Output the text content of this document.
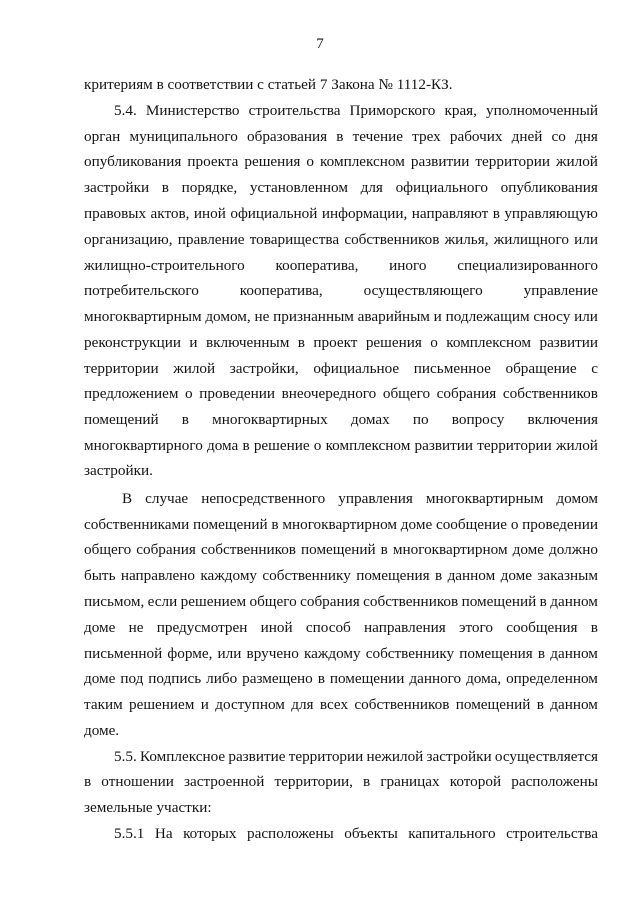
7
критериям в соответствии с статьей 7 Закона № 1112-КЗ.
5.4. Министерство строительства Приморского края, уполномоченный
орган муниципального образования в течение трех рабочих дней со дня
опубликования проекта решения о комплексном развитии территории жилой
застройки в порядке, установленном для официального опубликования
правовых актов, иной официальной информации, направляют в управляющую
организацию, правление товарищества собственников жилья, жилищного или
жилищно-строительного кооператива, иного специализированного
потребительского	кооператива,	осуществляющего	управление
многоквартирным домом, не признанным аварийным и подлежащим сносу или
реконструкции и включенным в проект решения о комплексном развитии
территории жилой застройки, официальное письменное обращение с
предложением о проведении внеочередного общего собрания собственников
помещений в многоквартирных домах по вопросу включения
многоквартирного дома в решение о комплексном развитии территории жилой
застройки.
В случае непосредственного управления многоквартирным домом
собственниками помещений в многоквартирном доме сообщение о проведении
общего собрания собственников помещений в многоквартирном доме должно
быть направлено каждому собственнику помещения в данном доме заказным
письмом, если решением общего собрания собственников помещений в данном
доме не предусмотрен иной способ направления этого сообщения в
письменной форме, или вручено каждому собственнику помещения в данном
доме под подпись либо размещено в помещении данного дома, определенном
таким решением и доступном для всех собственников помещений в данном
доме.
5.5. Комплексное развитие территории нежилой застройки осуществляется
в отношении застроенной территории, в границах которой расположены
земельные участки:
5.5.1 На которых расположены объекты капитального строительства
